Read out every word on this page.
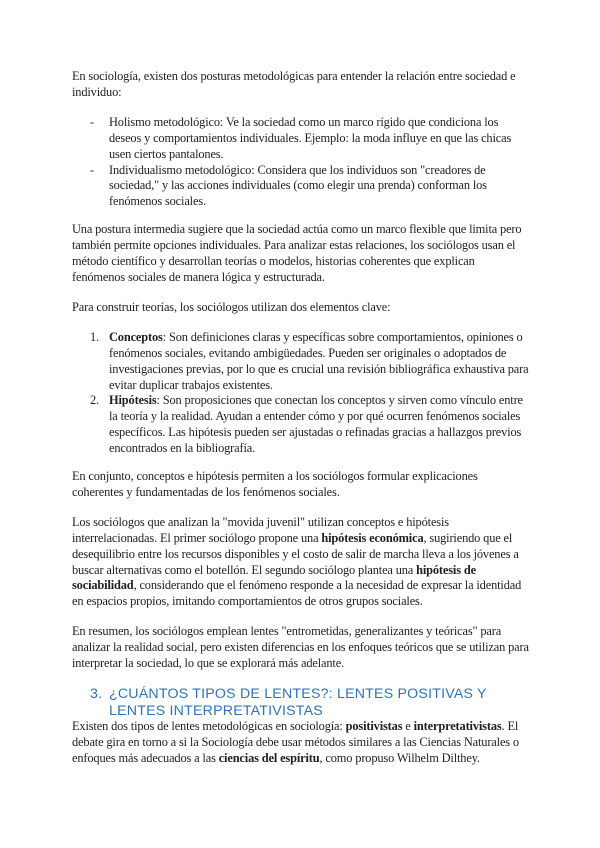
En sociología, existen dos posturas metodológicas para entender la relación entre sociedad e individuo:

- Holismo metodológico: Ve la sociedad como un marco rígido que condiciona los deseos y comportamientos individuales. Ejemplo: la moda influye en que las chicas usen ciertos pantalones.
- Individualismo metodológico: Considera que los individuos son "creadores de sociedad," y las acciones individuales (como elegir una prenda) conforman los fenómenos sociales.

Una postura intermedia sugiere que la sociedad actúa como un marco flexible que limita pero también permite opciones individuales. Para analizar estas relaciones, los sociólogos usan el método científico y desarrollan teorías o modelos, historias coherentes que explican fenómenos sociales de manera lógica y estructurada.

Para construir teorías, los sociólogos utilizan dos elementos clave:

1. Conceptos: Son definiciones claras y específicas sobre comportamientos, opiniones o fenómenos sociales, evitando ambigüedades. Pueden ser originales o adoptados de investigaciones previas, por lo que es crucial una revisión bibliográfica exhaustiva para evitar duplicar trabajos existentes.
2. Hipótesis: Son proposiciones que conectan los conceptos y sirven como vínculo entre la teoría y la realidad. Ayudan a entender cómo y por qué ocurren fenómenos sociales específicos. Las hipótesis pueden ser ajustadas o refinadas gracias a hallazgos previos encontrados en la bibliografía.

En conjunto, conceptos e hipótesis permiten a los sociólogos formular explicaciones coherentes y fundamentadas de los fenómenos sociales.

Los sociólogos que analizan la "movida juvenil" utilizan conceptos e hipótesis interrelacionadas. El primer sociólogo propone una hipótesis económica, sugiriendo que el desequilibrio entre los recursos disponibles y el costo de salir de marcha lleva a los jóvenes a buscar alternativas como el botellón. El segundo sociólogo plantea una hipótesis de sociabilidad, considerando que el fenómeno responde a la necesidad de expresar la identidad en espacios propios, imitando comportamientos de otros grupos sociales.

En resumen, los sociólogos emplean lentes "entrometidas, generalizantes y teóricas" para analizar la realidad social, pero existen diferencias en los enfoques teóricos que se utilizan para interpretar la sociedad, lo que se explorará más adelante.

3. ¿CUÁNTOS TIPOS DE LENTES?: LENTES POSITIVAS Y LENTES INTERPRETATIVISTAS

Existen dos tipos de lentes metodológicas en sociología: positivistas e interpretativistas. El debate gira en torno a si la Sociología debe usar métodos similares a las Ciencias Naturales o enfoques más adecuados a las ciencias del espíritu, como propuso Wilhelm Dilthey.
